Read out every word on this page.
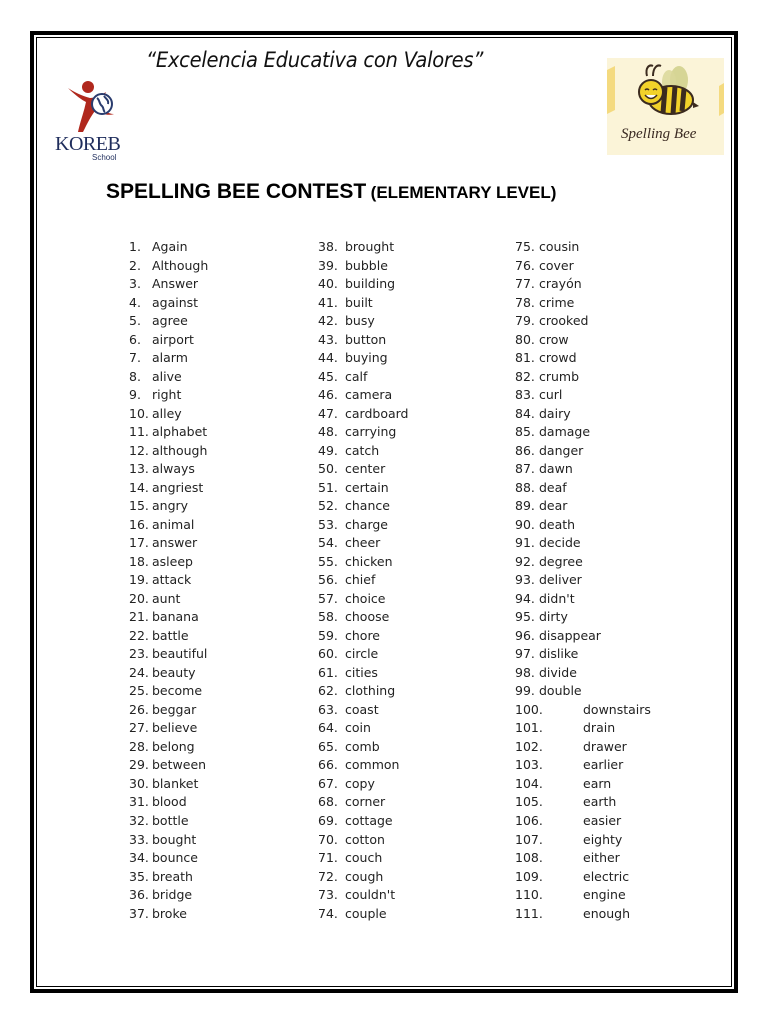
“Excelencia Educativa con Valores”
KOREB
School
Spelling Bee
SPELLING BEE CONTEST (ELEMENTARY LEVEL)
1. Again
2. Although
3. Answer
4. against
5. agree
6. airport
7. alarm
8. alive
9. right
10. alley
11. alphabet
12. although
13. always
14. angriest
15. angry
16. animal
17. answer
18. asleep
19. attack
20. aunt
21. banana
22. battle
23. beautiful
24. beauty
25. become
26. beggar
27. believe
28. belong
29. between
30. blanket
31. blood
32. bottle
33. bought
34. bounce
35. breath
36. bridge
37. broke
38. brought
39. bubble
40. building
41. built
42. busy
43. button
44. buying
45. calf
46. camera
47. cardboard
48. carrying
49. catch
50. center
51. certain
52. chance
53. charge
54. cheer
55. chicken
56. chief
57. choice
58. choose
59. chore
60. circle
61. cities
62. clothing
63. coast
64. coin
65. comb
66. common
67. copy
68. corner
69. cottage
70. cotton
71. couch
72. cough
73. couldn't
74. couple
75. cousin
76. cover
77. crayón
78. crime
79. crooked
80. crow
81. crowd
82. crumb
83. curl
84. dairy
85. damage
86. danger
87. dawn
88. deaf
89. dear
90. death
91. decide
92. degree
93. deliver
94. didn't
95. dirty
96. disappear
97. dislike
98. divide
99. double
100.	downstairs
101.	drain
102.	drawer
103.	earlier
104.	earn
105.	earth
106.	easier
107.	eighty
108.	either
109.	electric
110.	engine
111.	enough
